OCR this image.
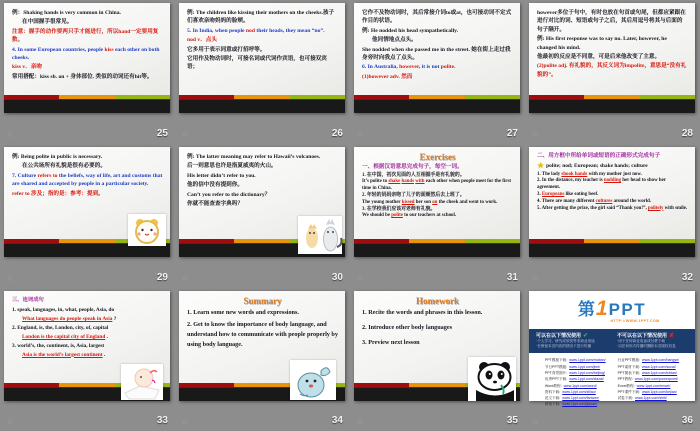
例：Shaking hands is very common in China.
在中国握手很常见。
注意：握手的动作要两只手才能进行，所以hand一定要用复数。
4. In some European countries, people kiss each other on both cheeks.
kiss v．亲吻
常用搭配：kiss sb. on + 身体部位. 类似的动词还有hit等。
☆	25
例: The children like kissing their mothers on the cheeks.孩子们喜欢亲吻妈妈的脸颊。
5. In India, when people nod their heads, they mean “no”.
nod v．点头
它多用于表示同意或打招呼等。
它用作及物动词时，可接名词或代词作宾语，也可接双宾语；
☆	26
它作不及物动词时，其后常接介词to或at，也可接动词不定式作目的状语。
例: He nodded his head sympathetically.
他同情地点点头。
She nodded when she passed me in the street. 她在街上走过我身旁时向我点了点头。
6. In Australia, however, it is not polite.
(1)however adv. 然而
☆	27
however多位于句中，有时也放在句首或句尾，但都应紧跟在进行对比的词、短语或句子之后，其后用逗号将其与后面的句子隔开。
例: His first response was to say no. Later, however, he changed his mind.
他最初的反应是不同意，可是后来他改变了主意。
(2)polite adj. 有礼貌的，其反义词为impolite，意思是“没有礼貌的”。
☆	28
例: Being polite in public is necessary.
在公共场所有礼貌是很有必要的。
7. Culture refers to the beliefs, way of life, art and customs that are shared and accepted by people in a particular society.
refer to 涉及；指的是：参考：提到。
☆	29
例: The latter meaning may refer to Hawaii’s volcanoes.
后一则意思也许是指夏威夷的火山。
His letter didn’t refer to you.
他的信中没有提到你。
Can’t you refer to the dictionary？
你就不能查查字典吗？
☆	30
Exercises
一、根据汉语意思完成句子，每空一词。
1. 在中国，初次见面的人互相握手是有礼貌的。
It’s polite to shake hands with each other when people meet for the first time in China.
2. 年轻的妈妈亲吻了儿子的面颊然后去上班了。
The young mother kissed her son on the cheek and went to work.
3. 在学校我们应该对老师有礼貌。
We should be polite to our teachers at school.
☆	31
二、用方框中所给单词或短语的正确形式完成句子
★ polite; nod; European; shake hands; culture
1. The lady shook hands with my mother just now.
2. In the distance, my teacher is nodding her head to show her agreement.
3. Europeans like eating beef.
4. There are many different cultures around the world.
5. After getting the prize, the girl said “Thank you!”, politely with smile.
☆	32
三、连词成句
1. speak, languages, in, what, people, Asia, do
What languages do people speak in Asia ?
2. England, is, the, London, city, of, capital
London is the capital city of England .
3. world’s, the, continent, is, Asia, largest
Asia is the world’s largest continent .
☆	33
Summary
1. Learn some new words and expressions.
2. Get to know the importance of body language, and understand how to communicate with people properly by using body language.
☆	34
Homework
1. Recite the words and phrases in this lesson.
2. Introduce other body languages
3. Preview next lesson
☆	35
第1PPT
HTTP://WWW.1PPT.COM
可以在以下情况使用 ✔
·个人学习、研究或欣赏等非商业用途
·在保留本页内容的情况下进行传播
不可以在以下情况使用 ✘
·用于任何商业用途或付费下载
·以任何形式传播时删除本页版权信息
PPT模板下载: www.1ppt.com/moban/
节日PPT模板: www.1ppt.com/jieri/
PPT背景图片: www.1ppt.com/beijing/
优秀PPT下载: www.1ppt.com/xiazai/
Word教程: www.1ppt.com/word/
资料下载: www.1ppt.com/ziliao/
范文下载: www.1ppt.com/fanwen/
教案下载: www.1ppt.com/jiaoan/
行业PPT模板: www.1ppt.com/hangye/
PPT素材下载: www.1ppt.com/sucai/
PPT图表下载: www.1ppt.com/tubiao/
PPT教程: www.1ppt.com/powerpoint/
Excel教程: www.1ppt.com/excel/
PPT课件下载: www.1ppt.com/kejian/
试卷下载: www.1ppt.com/shiti/
☆	36
